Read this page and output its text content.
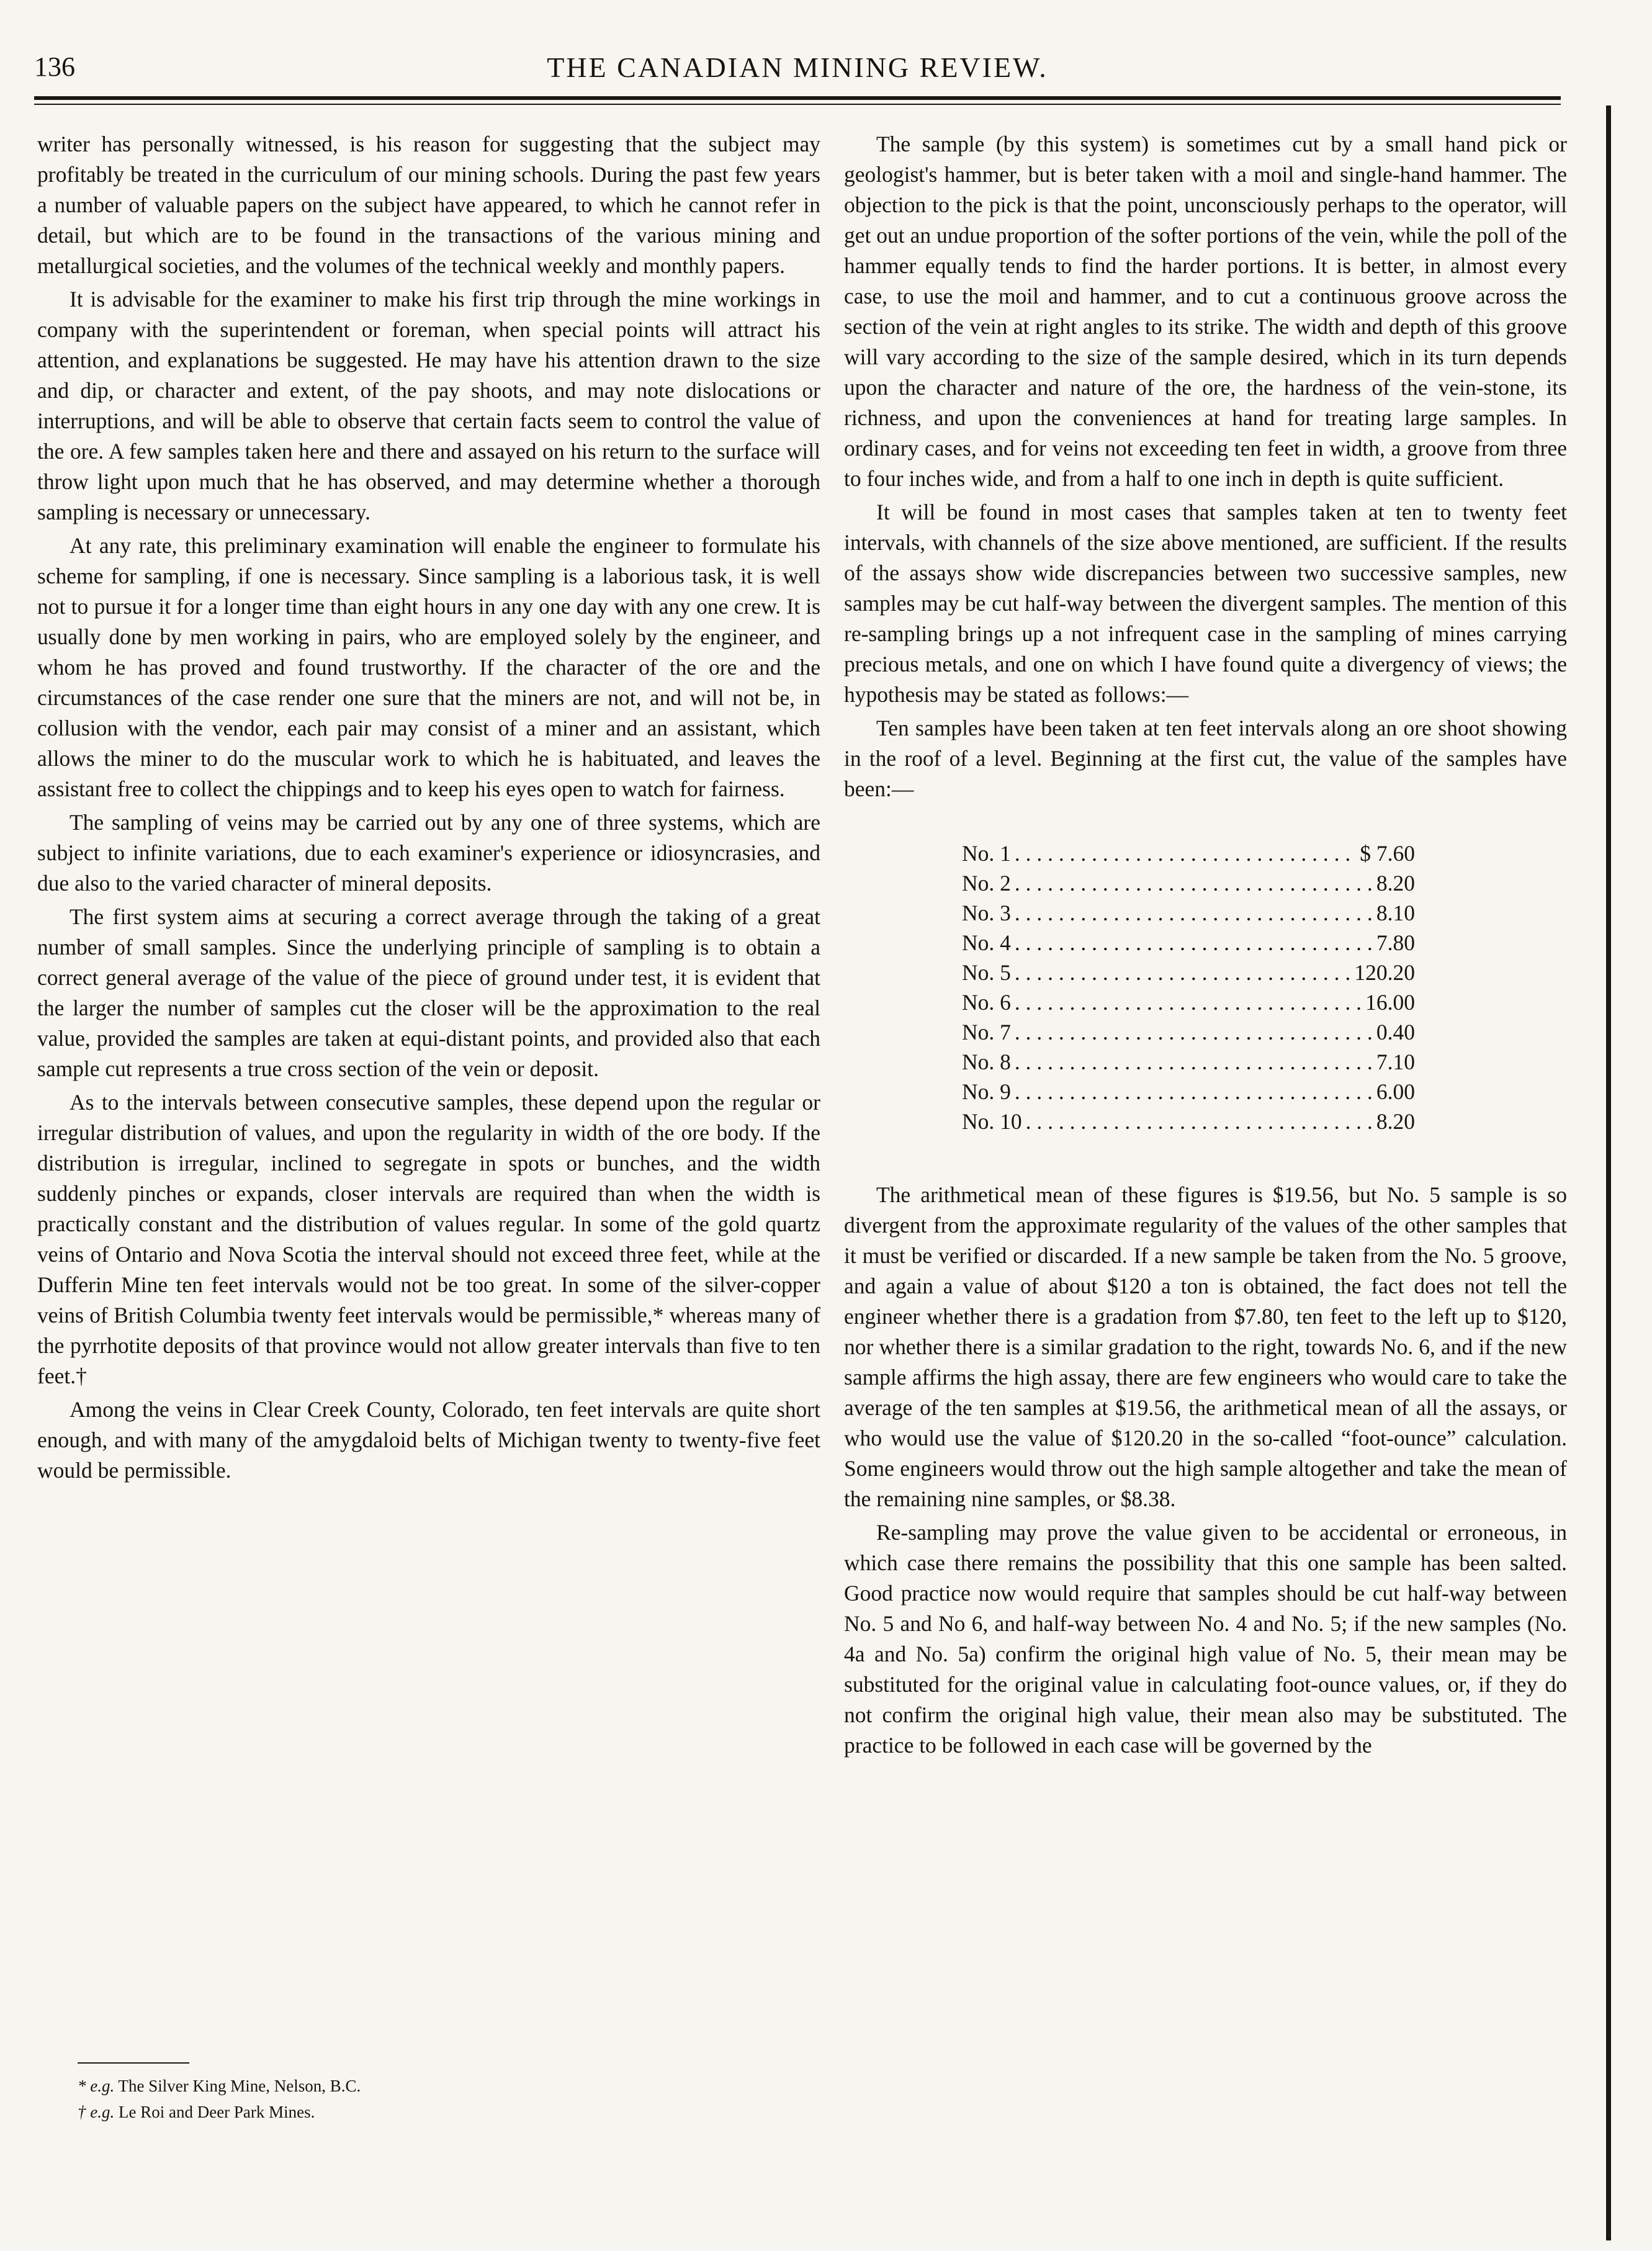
136	THE CANADIAN MINING REVIEW.

writer has personally witnessed, is his reason for suggesting that the subject may profitably be treated in the curriculum of our mining schools. During the past few years a number of valuable papers on the subject have appeared, to which he cannot refer in detail, but which are to be found in the transactions of the various mining and metallurgical societies, and the volumes of the technical weekly and monthly papers.

It is advisable for the examiner to make his first trip through the mine workings in company with the superintendent or foreman, when special points will attract his attention, and explanations be suggested. He may have his attention drawn to the size and dip, or character and extent, of the pay shoots, and may note dislocations or interruptions, and will be able to observe that certain facts seem to control the value of the ore. A few samples taken here and there and assayed on his return to the surface will throw light upon much that he has observed, and may determine whether a thorough sampling is necessary or unnecessary.

At any rate, this preliminary examination will enable the engineer to formulate his scheme for sampling, if one is necessary. Since sampling is a laborious task, it is well not to pursue it for a longer time than eight hours in any one day with any one crew. It is usually done by men working in pairs, who are employed solely by the engineer, and whom he has proved and found trustworthy. If the character of the ore and the circumstances of the case render one sure that the miners are not, and will not be, in collusion with the vendor, each pair may consist of a miner and an assistant, which allows the miner to do the muscular work to which he is habituated, and leaves the assistant free to collect the chippings and to keep his eyes open to watch for fairness.

The sampling of veins may be carried out by any one of three systems, which are subject to infinite variations, due to each examiner's experience or idiosyncrasies, and due also to the varied character of mineral deposits.

The first system aims at securing a correct average through the taking of a great number of small samples. Since the underlying principle of sampling is to obtain a correct general average of the value of the piece of ground under test, it is evident that the larger the number of samples cut the closer will be the approximation to the real value, provided the samples are taken at equi-distant points, and provided also that each sample cut represents a true cross section of the vein or deposit.

As to the intervals between consecutive samples, these depend upon the regular or irregular distribution of values, and upon the regularity in width of the ore body. If the distribution is irregular, inclined to segregate in spots or bunches, and the width suddenly pinches or expands, closer intervals are required than when the width is practically constant and the distribution of values regular. In some of the gold quartz veins of Ontario and Nova Scotia the interval should not exceed three feet, while at the Dufferin Mine ten feet intervals would not be too great. In some of the silver-copper veins of British Columbia twenty feet intervals would be permissible,* whereas many of the pyrrhotite deposits of that province would not allow greater intervals than five to ten feet.†

Among the veins in Clear Creek County, Colorado, ten feet intervals are quite short enough, and with many of the amygdaloid belts of Michigan twenty to twenty-five feet would be permissible.

* e.g. The Silver King Mine, Nelson, B.C.
† e.g. Le Roi and Deer Park Mines.

The sample (by this system) is sometimes cut by a small hand pick or geologist's hammer, but is beter taken with a moil and single-hand hammer. The objection to the pick is that the point, unconsciously perhaps to the operator, will get out an undue proportion of the softer portions of the vein, while the poll of the hammer equally tends to find the harder portions. It is better, in almost every case, to use the moil and hammer, and to cut a continuous groove across the section of the vein at right angles to its strike. The width and depth of this groove will vary according to the size of the sample desired, which in its turn depends upon the character and nature of the ore, the hardness of the vein-stone, its richness, and upon the conveniences at hand for treating large samples. In ordinary cases, and for veins not exceeding ten feet in width, a groove from three to four inches wide, and from a half to one inch in depth is quite sufficient.

It will be found in most cases that samples taken at ten to twenty feet intervals, with channels of the size above mentioned, are sufficient. If the results of the assays show wide discrepancies between two successive samples, new samples may be cut half-way between the divergent samples. The mention of this re-sampling brings up a not infrequent case in the sampling of mines carrying precious metals, and one on which I have found quite a divergency of views; the hypothesis may be stated as follows:—

Ten samples have been taken at ten feet intervals along an ore shoot showing in the roof of a level. Beginning at the first cut, the value of the samples have been:—

No. 1 . . .	$ 7.60
No. 2 . . .	8.20
No. 3 . . .	8.10
No. 4 . . .	7.80
No. 5 . . .	120.20
No. 6 . . .	16.00
No. 7 . . .	0.40
No. 8 . . .	7.10
No. 9 . . .	6.00
No. 10 . . .	8.20

The arithmetical mean of these figures is $19.56, but No. 5 sample is so divergent from the approximate regularity of the values of the other samples that it must be verified or discarded. If a new sample be taken from the No. 5 groove, and again a value of about $120 a ton is obtained, the fact does not tell the engineer whether there is a gradation from $7.80, ten feet to the left up to $120, nor whether there is a similar gradation to the right, towards No. 6, and if the new sample affirms the high assay, there are few engineers who would care to take the average of the ten samples at $19.56, the arithmetical mean of all the assays, or who would use the value of $120.20 in the so-called “foot-ounce” calculation. Some engineers would throw out the high sample altogether and take the mean of the remaining nine samples, or $8.38.

Re-sampling may prove the value given to be accidental or erroneous, in which case there remains the possibility that this one sample has been salted. Good practice now would require that samples should be cut half-way between No. 5 and No 6, and half-way between No. 4 and No. 5; if the new samples (No. 4a and No. 5a) confirm the original high value of No. 5, their mean may be substituted for the original value in calculating foot-ounce values, or, if they do not confirm the original high value, their mean also may be substituted. The practice to be followed in each case will be governed by the
